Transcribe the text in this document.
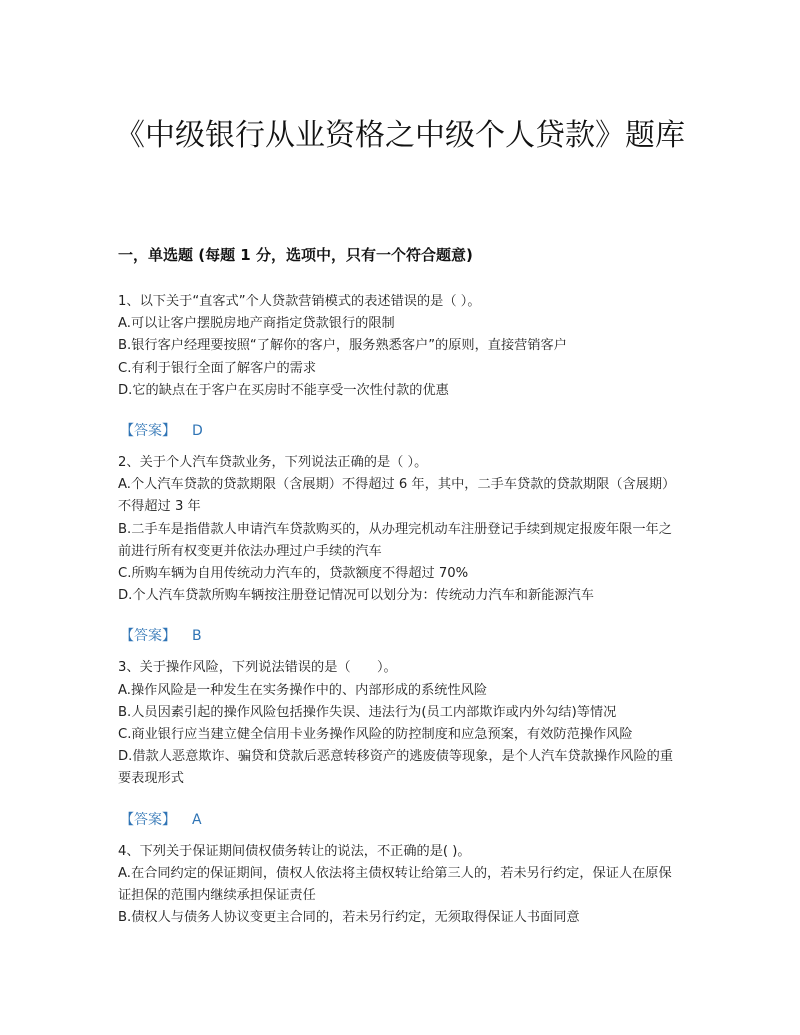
《中级银行从业资格之中级个人贷款》题库
一，单选题 (每题 1 分，选项中，只有一个符合题意)
1、以下关于“直客式”个人贷款营销模式的表述错误的是（ ）。
A.可以让客户摆脱房地产商指定贷款银行的限制
B.银行客户经理要按照“了解你的客户，服务熟悉客户”的原则，直接营销客户
C.有利于银行全面了解客户的需求
D.它的缺点在于客户在买房时不能享受一次性付款的优惠
【答案】 D
2、关于个人汽车贷款业务，下列说法正确的是（ ）。
A.个人汽车贷款的贷款期限（含展期）不得超过 6 年，其中，二手车贷款的贷款期限（含展期）不得超过 3 年
B.二手车是指借款人申请汽车贷款购买的，从办理完机动车注册登记手续到规定报废年限一年之前进行所有权变更并依法办理过户手续的汽车
C.所购车辆为自用传统动力汽车的，贷款额度不得超过 70%
D.个人汽车贷款所购车辆按注册登记情况可以划分为：传统动力汽车和新能源汽车
【答案】 B
3、关于操作风险，下列说法错误的是（　　）。
A.操作风险是一种发生在实务操作中的、内部形成的系统性风险
B.人员因素引起的操作风险包括操作失误、违法行为(员工内部欺诈或内外勾结)等情况
C.商业银行应当建立健全信用卡业务操作风险的防控制度和应急预案，有效防范操作风险
D.借款人恶意欺诈、骗贷和贷款后恶意转移资产的逃废债等现象，是个人汽车贷款操作风险的重要表现形式
【答案】 A
4、下列关于保证期间债权债务转让的说法，不正确的是( )。
A.在合同约定的保证期间，债权人依法将主债权转让给第三人的，若未另行约定，保证人在原保证担保的范围内继续承担保证责任
B.债权人与债务人协议变更主合同的，若未另行约定，无须取得保证人书面同意
